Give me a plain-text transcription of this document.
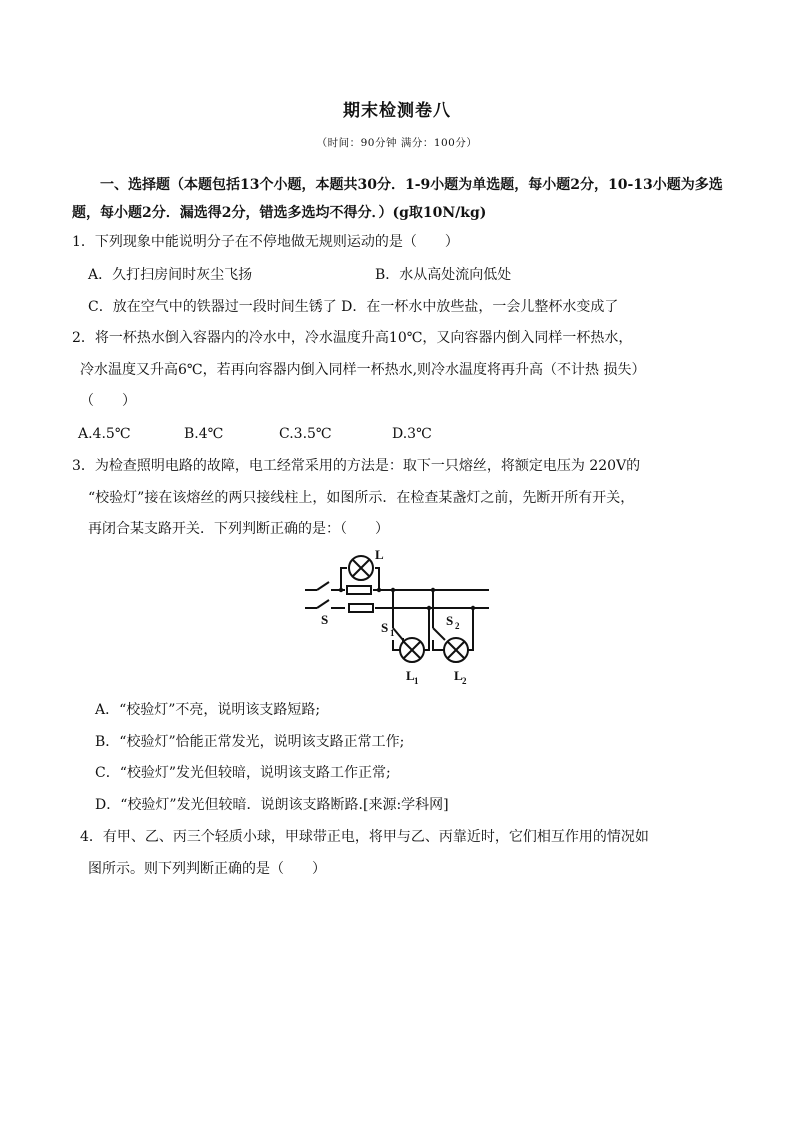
期末检测卷八
（时间：90分钟 满分：100分）
一、选择题（本题包括13个小题，本题共30分．1-9小题为单选题，每小题2分，10-13小题为多选
题，每小题2分．漏选得2分，错选多选均不得分．）(g取10N/kg)
1．下列现象中能说明分子在不停地做无规则运动的是（　　）
A．久打扫房间时灰尘飞扬	B．水从高处流向低处
C．放在空气中的铁器过一段时间生锈了 D．在一杯水中放些盐，一会儿整杯水变成了
2．将一杯热水倒入容器内的冷水中，冷水温度升高10℃，又向容器内倒入同样一杯热水，
冷水温度又升高6℃，若再向容器内倒入同样一杯热水,则冷水温度将再升高（不计热 损失）
（　　）
A.4.5℃	B.4℃	C.3.5℃	D.3℃
3．为检查照明电路的故障，电工经常采用的方法是：取下一只熔丝，将额定电压为 220V的
“校验灯”接在该熔丝的两只接线柱上，如图所示．在检查某盏灯之前，先断开所有开关，
再闭合某支路开关．下列判断正确的是：（　　）
L
S
S 1
S 2
L 1	L 2
A．“校验灯”不亮，说明该支路短路;
B．“校验灯”恰能正常发光，说明该支路正常工作;
C．“校验灯”发光但较暗，说明该支路工作正常;
D．“校验灯”发光但较暗．说朗该支路断路.[来源:学科网]
4．有甲、乙、丙三个轻质小球，甲球带正电，将甲与乙、丙靠近时，它们相互作用的情况如
图所示。则下列判断正确的是（　　）
